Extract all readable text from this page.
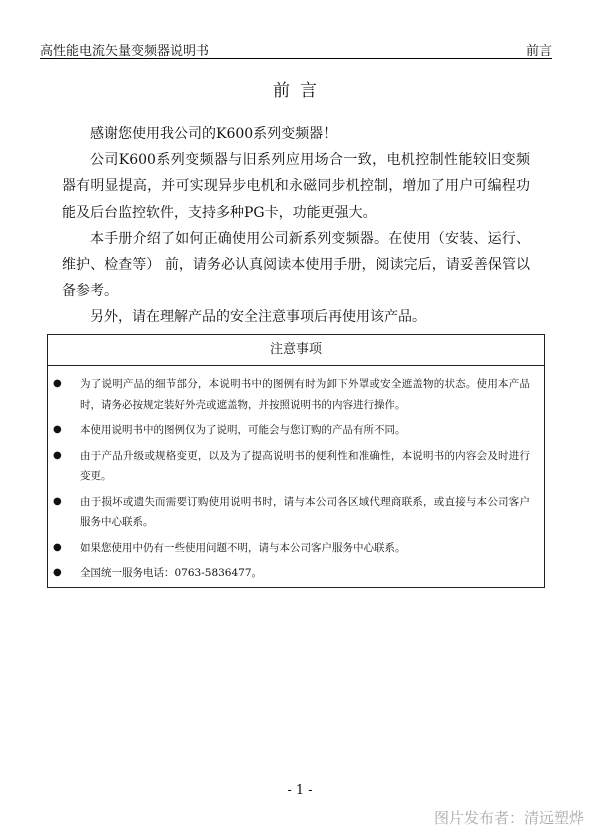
高性能电流矢量变频器说明书	前言
前言

感谢您使用我公司的K600系列变频器！

公司K600系列变频器与旧系列应用场合一致，电机控制性能较旧变频器有明显提高，并可实现异步电机和永磁同步机控制，增加了用户可编程功能及后台监控软件，支持多种PG卡，功能更强大。

本手册介绍了如何正确使用公司新系列变频器。在使用（安装、运行、维护、检查等） 前，请务必认真阅读本使用手册，阅读完后，请妥善保管以备参考。

另外，请在理解产品的安全注意事项后再使用该产品。

注意事项
● 为了说明产品的细节部分，本说明书中的图例有时为卸下外罩或安全遮盖物的状态。使用本产品时，请务必按规定装好外壳或遮盖物，并按照说明书的内容进行操作。
● 本使用说明书中的图例仅为了说明，可能会与您订购的产品有所不同。
● 由于产品升级或规格变更，以及为了提高说明书的便利性和准确性，本说明书的内容会及时进行变更。
● 由于损坏或遗失而需要订购使用说明书时，请与本公司各区域代理商联系，或直接与本公司客户服务中心联系。
● 如果您使用中仍有一些使用问题不明，请与本公司客户服务中心联系。
● 全国统一服务电话：0763-5836477。
- 1 -
图片发布者：清远塑烨
